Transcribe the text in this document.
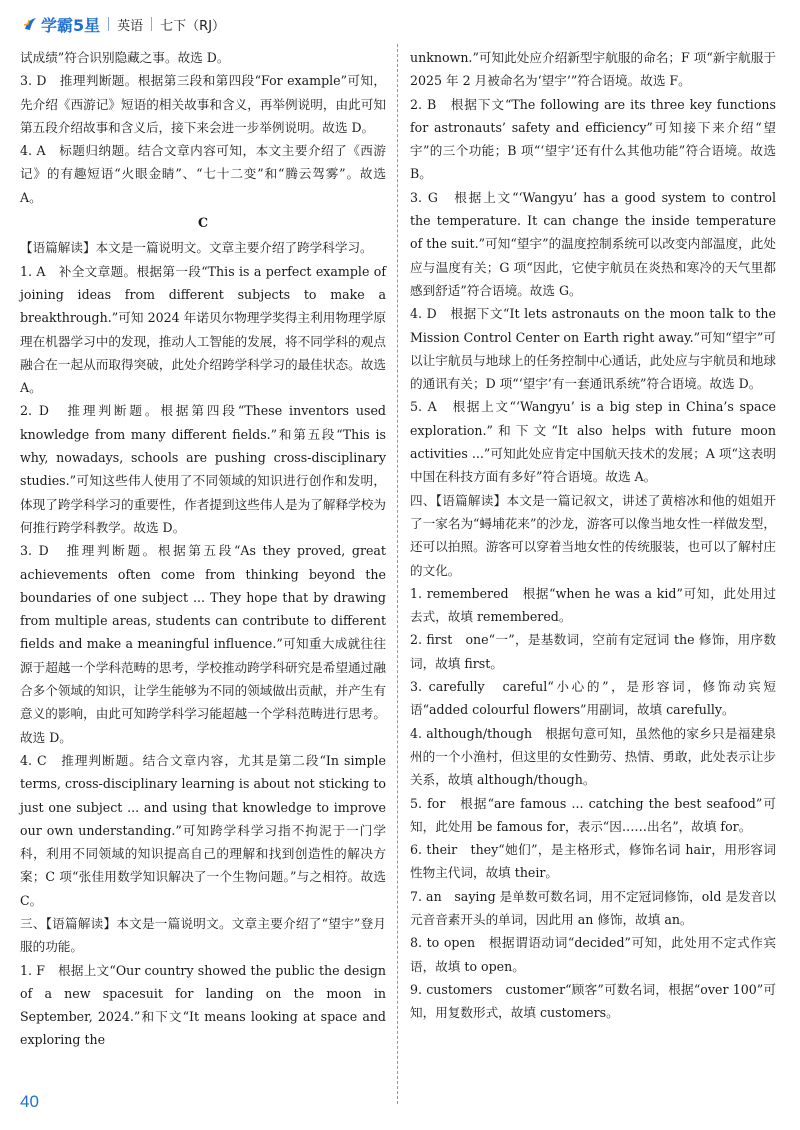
学霸5星 英语 七下（RJ）

试成绩”符合识别隐藏之事。故选 D。

3. D　推理判断题。根据第三段和第四段“For example”可知，先介绍《西游记》短语的相关故事和含义，再举例说明，由此可知第五段介绍故事和含义后，接下来会进一步举例说明。故选 D。

4. A　标题归纳题。结合文章内容可知，本文主要介绍了《西游记》的有趣短语“火眼金睛”、“七十二变”和“腾云驾雾”。故选 A。

C

【语篇解读】本文是一篇说明文。文章主要介绍了跨学科学习。

1. A　补全文章题。根据第一段“This is a perfect example of joining ideas from different subjects to make a breakthrough.”可知 2024 年诺贝尔物理学奖得主利用物理学原理在机器学习中的发现，推动人工智能的发展，将不同学科的观点融合在一起从而取得突破，此处介绍跨学科学习的最佳状态。故选 A。

2. D　推理判断题。根据第四段“These inventors used knowledge from many different fields.”和第五段“This is why, nowadays, schools are pushing cross-disciplinary studies.”可知这些伟人使用了不同领域的知识进行创作和发明，体现了跨学科学习的重要性，作者提到这些伟人是为了解释学校为何推行跨学科教学。故选 D。

3. D　推理判断题。根据第五段“As they proved, great achievements often come from thinking beyond the boundaries of one subject ... They hope that by drawing from multiple areas, students can contribute to different fields and make a meaningful influence.”可知重大成就往往源于超越一个学科范畴的思考，学校推动跨学科研究是希望通过融合多个领域的知识，让学生能够为不同的领域做出贡献，并产生有意义的影响，由此可知跨学科学习能超越一个学科范畴进行思考。故选 D。

4. C　推理判断题。结合文章内容，尤其是第二段“In simple terms, cross-disciplinary learning is about not sticking to just one subject ... and using that knowledge to improve our own understanding.”可知跨学科学习指不拘泥于一门学科，利用不同领域的知识提高自己的理解和找到创造性的解决方案；C 项“张佳用数学知识解决了一个生物问题。”与之相符。故选 C。

三、【语篇解读】本文是一篇说明文。文章主要介绍了“望宇”登月服的功能。

1. F　根据上文“Our country showed the public the design of a new spacesuit for landing on the moon in September, 2024.”和下文“It means looking at space and exploring the

unknown.”可知此处应介绍新型宇航服的命名；F 项“新宇航服于 2025 年 2 月被命名为‘望宇’”符合语境。故选 F。

2. B　根据下文“The following are its three key functions for astronauts’ safety and efficiency”可知接下来介绍“望宇”的三个功能；B 项“‘望宇’还有什么其他功能”符合语境。故选 B。

3. G　根据上文“‘Wangyu’ has a good system to control the temperature. It can change the inside temperature of the suit.”可知“望宇”的温度控制系统可以改变内部温度，此处应与温度有关；G 项“因此，它使宇航员在炎热和寒冷的天气里都感到舒适”符合语境。故选 G。

4. D　根据下文“It lets astronauts on the moon talk to the Mission Control Center on Earth right away.”可知“望宇”可以让宇航员与地球上的任务控制中心通话，此处应与宇航员和地球的通讯有关；D 项“‘望宇’有一套通讯系统”符合语境。故选 D。

5. A　根据上文“‘Wangyu’ is a big step in China’s space exploration.”和下文“It also helps with future moon activities ...”可知此处应肯定中国航天技术的发展；A 项“这表明中国在科技方面有多好”符合语境。故选 A。

四、【语篇解读】本文是一篇记叙文，讲述了黄榕冰和他的姐姐开了一家名为“蟳埔花来”的沙龙，游客可以像当地女性一样做发型，还可以拍照。游客可以穿着当地女性的传统服装，也可以了解村庄的文化。

1. remembered　根据“when he was a kid”可知，此处用过去式，故填 remembered。

2. first　one“一”，是基数词，空前有定冠词 the 修饰，用序数词，故填 first。

3. carefully　careful“小心的”，是形容词，修饰动宾短语“added colourful flowers”用副词，故填 carefully。

4. although/though　根据句意可知，虽然他的家乡只是福建泉州的一个小渔村，但这里的女性勤劳、热情、勇敢，此处表示让步关系，故填 although/though。

5. for　根据“are famous ... catching the best seafood”可知，此处用 be famous for，表示“因……出名”，故填 for。

6. their　they“她们”，是主格形式，修饰名词 hair，用形容词性物主代词，故填 their。

7. an　saying 是单数可数名词，用不定冠词修饰，old 是发音以元音音素开头的单词，因此用 an 修饰，故填 an。

8. to open　根据谓语动词“decided”可知，此处用不定式作宾语，故填 to open。

9. customers　customer“顾客”可数名词，根据“over 100”可知，用复数形式，故填 customers。

40
